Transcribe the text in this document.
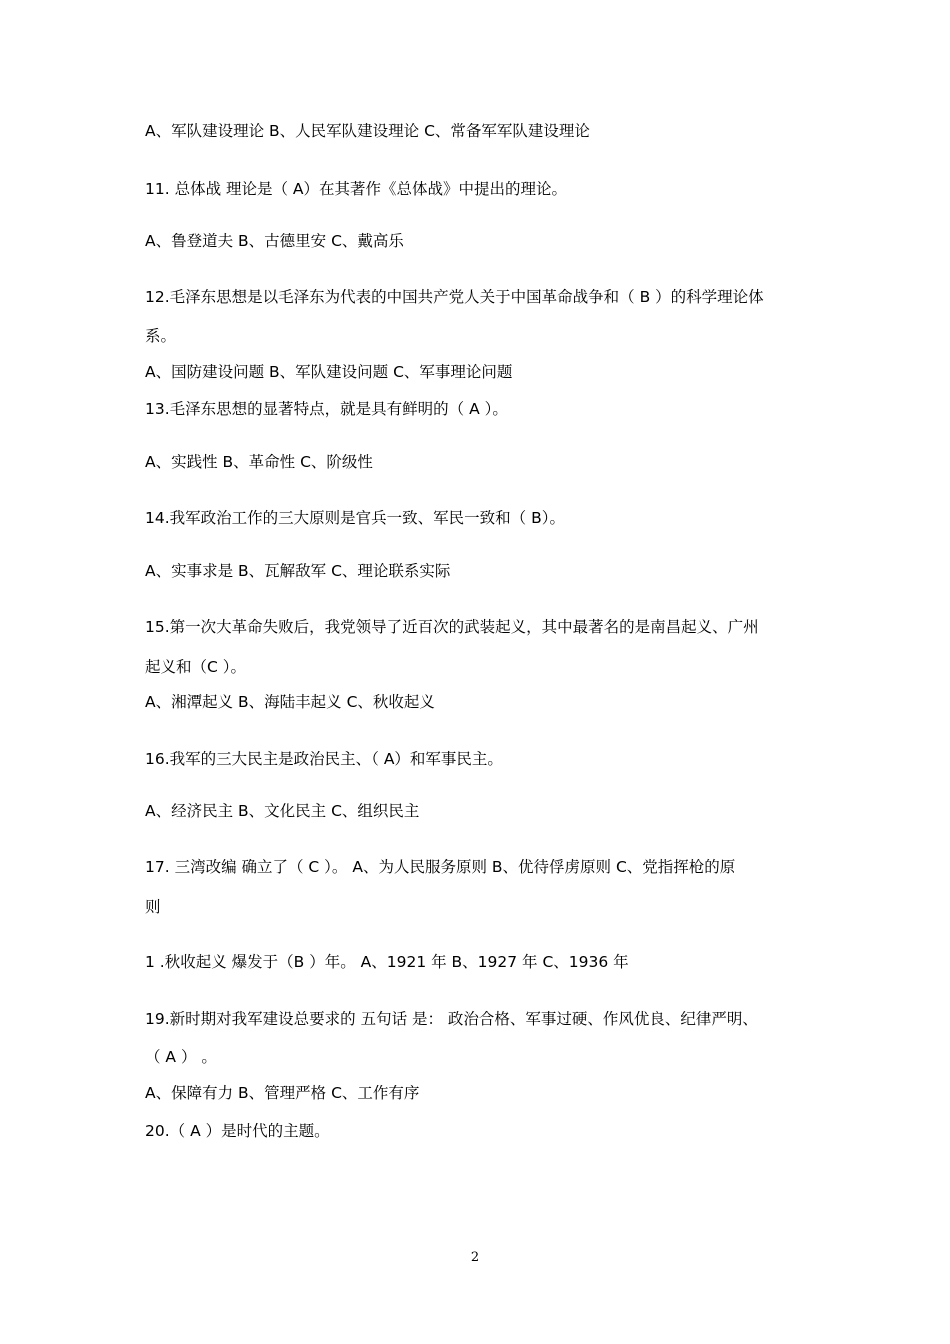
A、军队建设理论 B、人民军队建设理论 C、常备军军队建设理论
11. 总体战 理论是（ A）在其著作《总体战》中提出的理论。
A、鲁登道夫 B、古德里安 C、戴高乐
12.毛泽东思想是以毛泽东为代表的中国共产党人关于中国革命战争和（ B ）的科学理论体
系。
A、国防建设问题 B、军队建设问题 C、军事理论问题
13.毛泽东思想的显著特点，就是具有鲜明的（ A ）。
A、实践性 B、革命性 C、阶级性
14.我军政治工作的三大原则是官兵一致、军民一致和（ B）。
A、实事求是 B、瓦解敌军 C、理论联系实际
15.第一次大革命失败后，我党领导了近百次的武装起义，其中最著名的是南昌起义、广州
起义和（C ）。
A、湘潭起义 B、海陆丰起义 C、秋收起义
16.我军的三大民主是政治民主、（ A）和军事民主。
A、经济民主 B、文化民主 C、组织民主
17. 三湾改编 确立了（ C ）。 A、为人民服务原则 B、优待俘虏原则 C、党指挥枪的原
则
1 .秋收起义 爆发于（B ）年。 A、1921 年 B、1927 年 C、1936 年
19.新时期对我军建设总要求的 五句话 是： 政治合格、军事过硬、作风优良、纪律严明、
（ A ） 。
A、保障有力 B、管理严格 C、工作有序
20.（ A ）是时代的主题。
2
